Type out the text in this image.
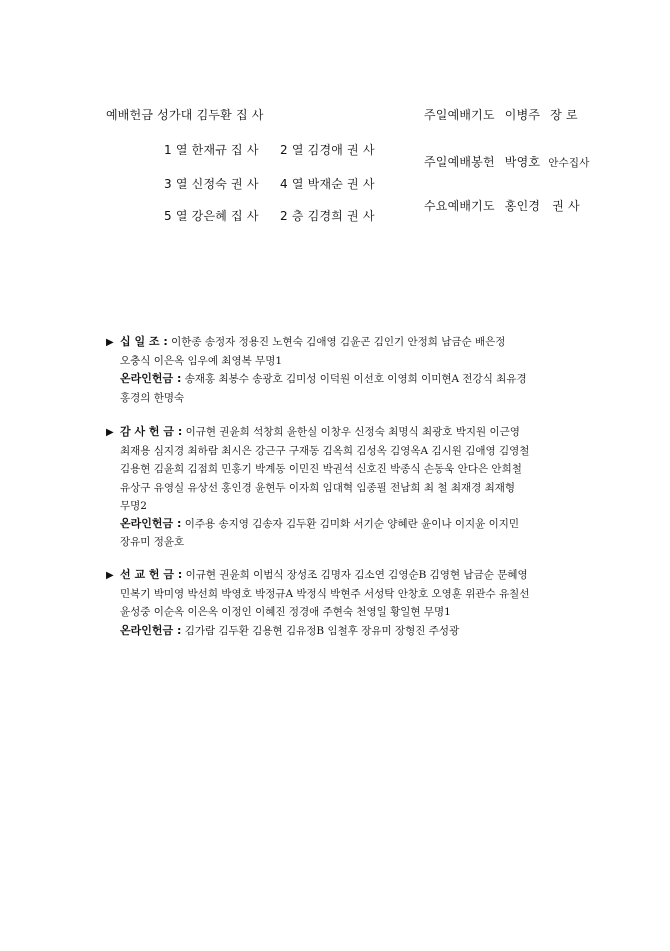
예배헌금 성가대 김두환 집 사
1 열 한재규 집 사 2 열 김경애 권 사
3 열 신정숙 권 사 4 열 박재순 권 사
5 열 강은혜 집 사 2 층 김경희 권 사
주일예배기도 이병주 장 로
주일예배봉헌 박영호 안수집사
수요예배기도 홍인경 권 사
▶ 십 일 조 : 이한종 송정자 정용진 노현숙 김애영 김윤곤 김인기 안정희 남금순 배은정
오충식 이은옥 임우예 최영복 무명1
온라인헌금 : 송재홍 최봉수 송광호 김미성 이덕원 이선호 이영희 이미현A 전강식 최유경
홍경의 한명숙
▶ 감 사 헌 금 : 이규현 권윤희 석창희 윤한실 이창우 신정숙 최명식 최광호 박지원 이근영
최재용 심지경 최하람 최시은 강근구 구재동 김옥희 김성옥 김영옥A 김시원 김애영 김영철
김용현 김윤희 김점희 민홍기 박계동 이민진 박권석 신호진 박종식 손동욱 안다은 안희철
유상구 유영실 유상선 홍인경 윤현두 이자희 임대혁 임종필 전남희 최 철 최재경 최재형
무명2
온라인헌금 : 이주용 송지영 김송자 김두환 김미화 서기순 양혜란 윤이나 이지윤 이지민
장유미 정윤호
▶ 선 교 헌 금 : 이규현 권윤희 이범식 장성조 김명자 김소연 김영순B 김영현 남금순 문혜영
민복기 박미영 박선희 박영호 박정규A 박정식 박현주 서성탁 안창호 오영훈 위관수 유칠선
윤성중 이순옥 이은옥 이정인 이혜진 정경애 주현숙 천영일 황일현 무명1
온라인헌금 : 김가람 김두환 김용현 김유정B 임철후 장유미 장형진 주성광
